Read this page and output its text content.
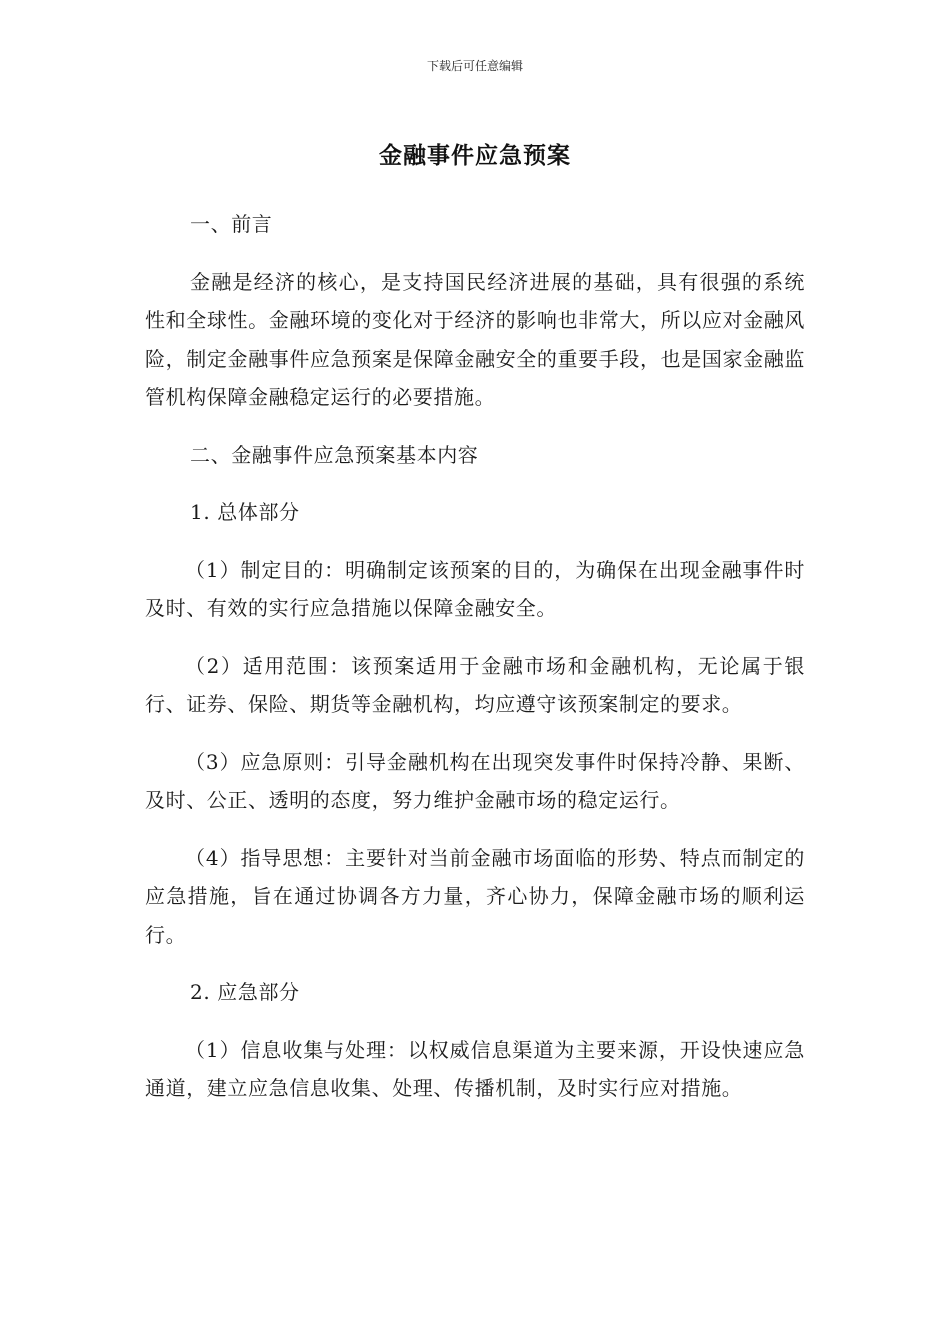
下载后可任意编辑
金融事件应急预案

一、前言

金融是经济的核心，是支持国民经济进展的基础，具有很强的系统性和全球性。金融环境的变化对于经济的影响也非常大，所以应对金融风险，制定金融事件应急预案是保障金融安全的重要手段，也是国家金融监管机构保障金融稳定运行的必要措施。

二、金融事件应急预案基本内容

1. 总体部分

（1）制定目的：明确制定该预案的目的，为确保在出现金融事件时及时、有效的实行应急措施以保障金融安全。

（2）适用范围：该预案适用于金融市场和金融机构，无论属于银行、证券、保险、期货等金融机构，均应遵守该预案制定的要求。

（3）应急原则：引导金融机构在出现突发事件时保持冷静、果断、及时、公正、透明的态度，努力维护金融市场的稳定运行。

（4）指导思想：主要针对当前金融市场面临的形势、特点而制定的应急措施，旨在通过协调各方力量，齐心协力，保障金融市场的顺利运行。

2. 应急部分

（1）信息收集与处理：以权威信息渠道为主要来源，开设快速应急通道，建立应急信息收集、处理、传播机制，及时实行应对措施。
